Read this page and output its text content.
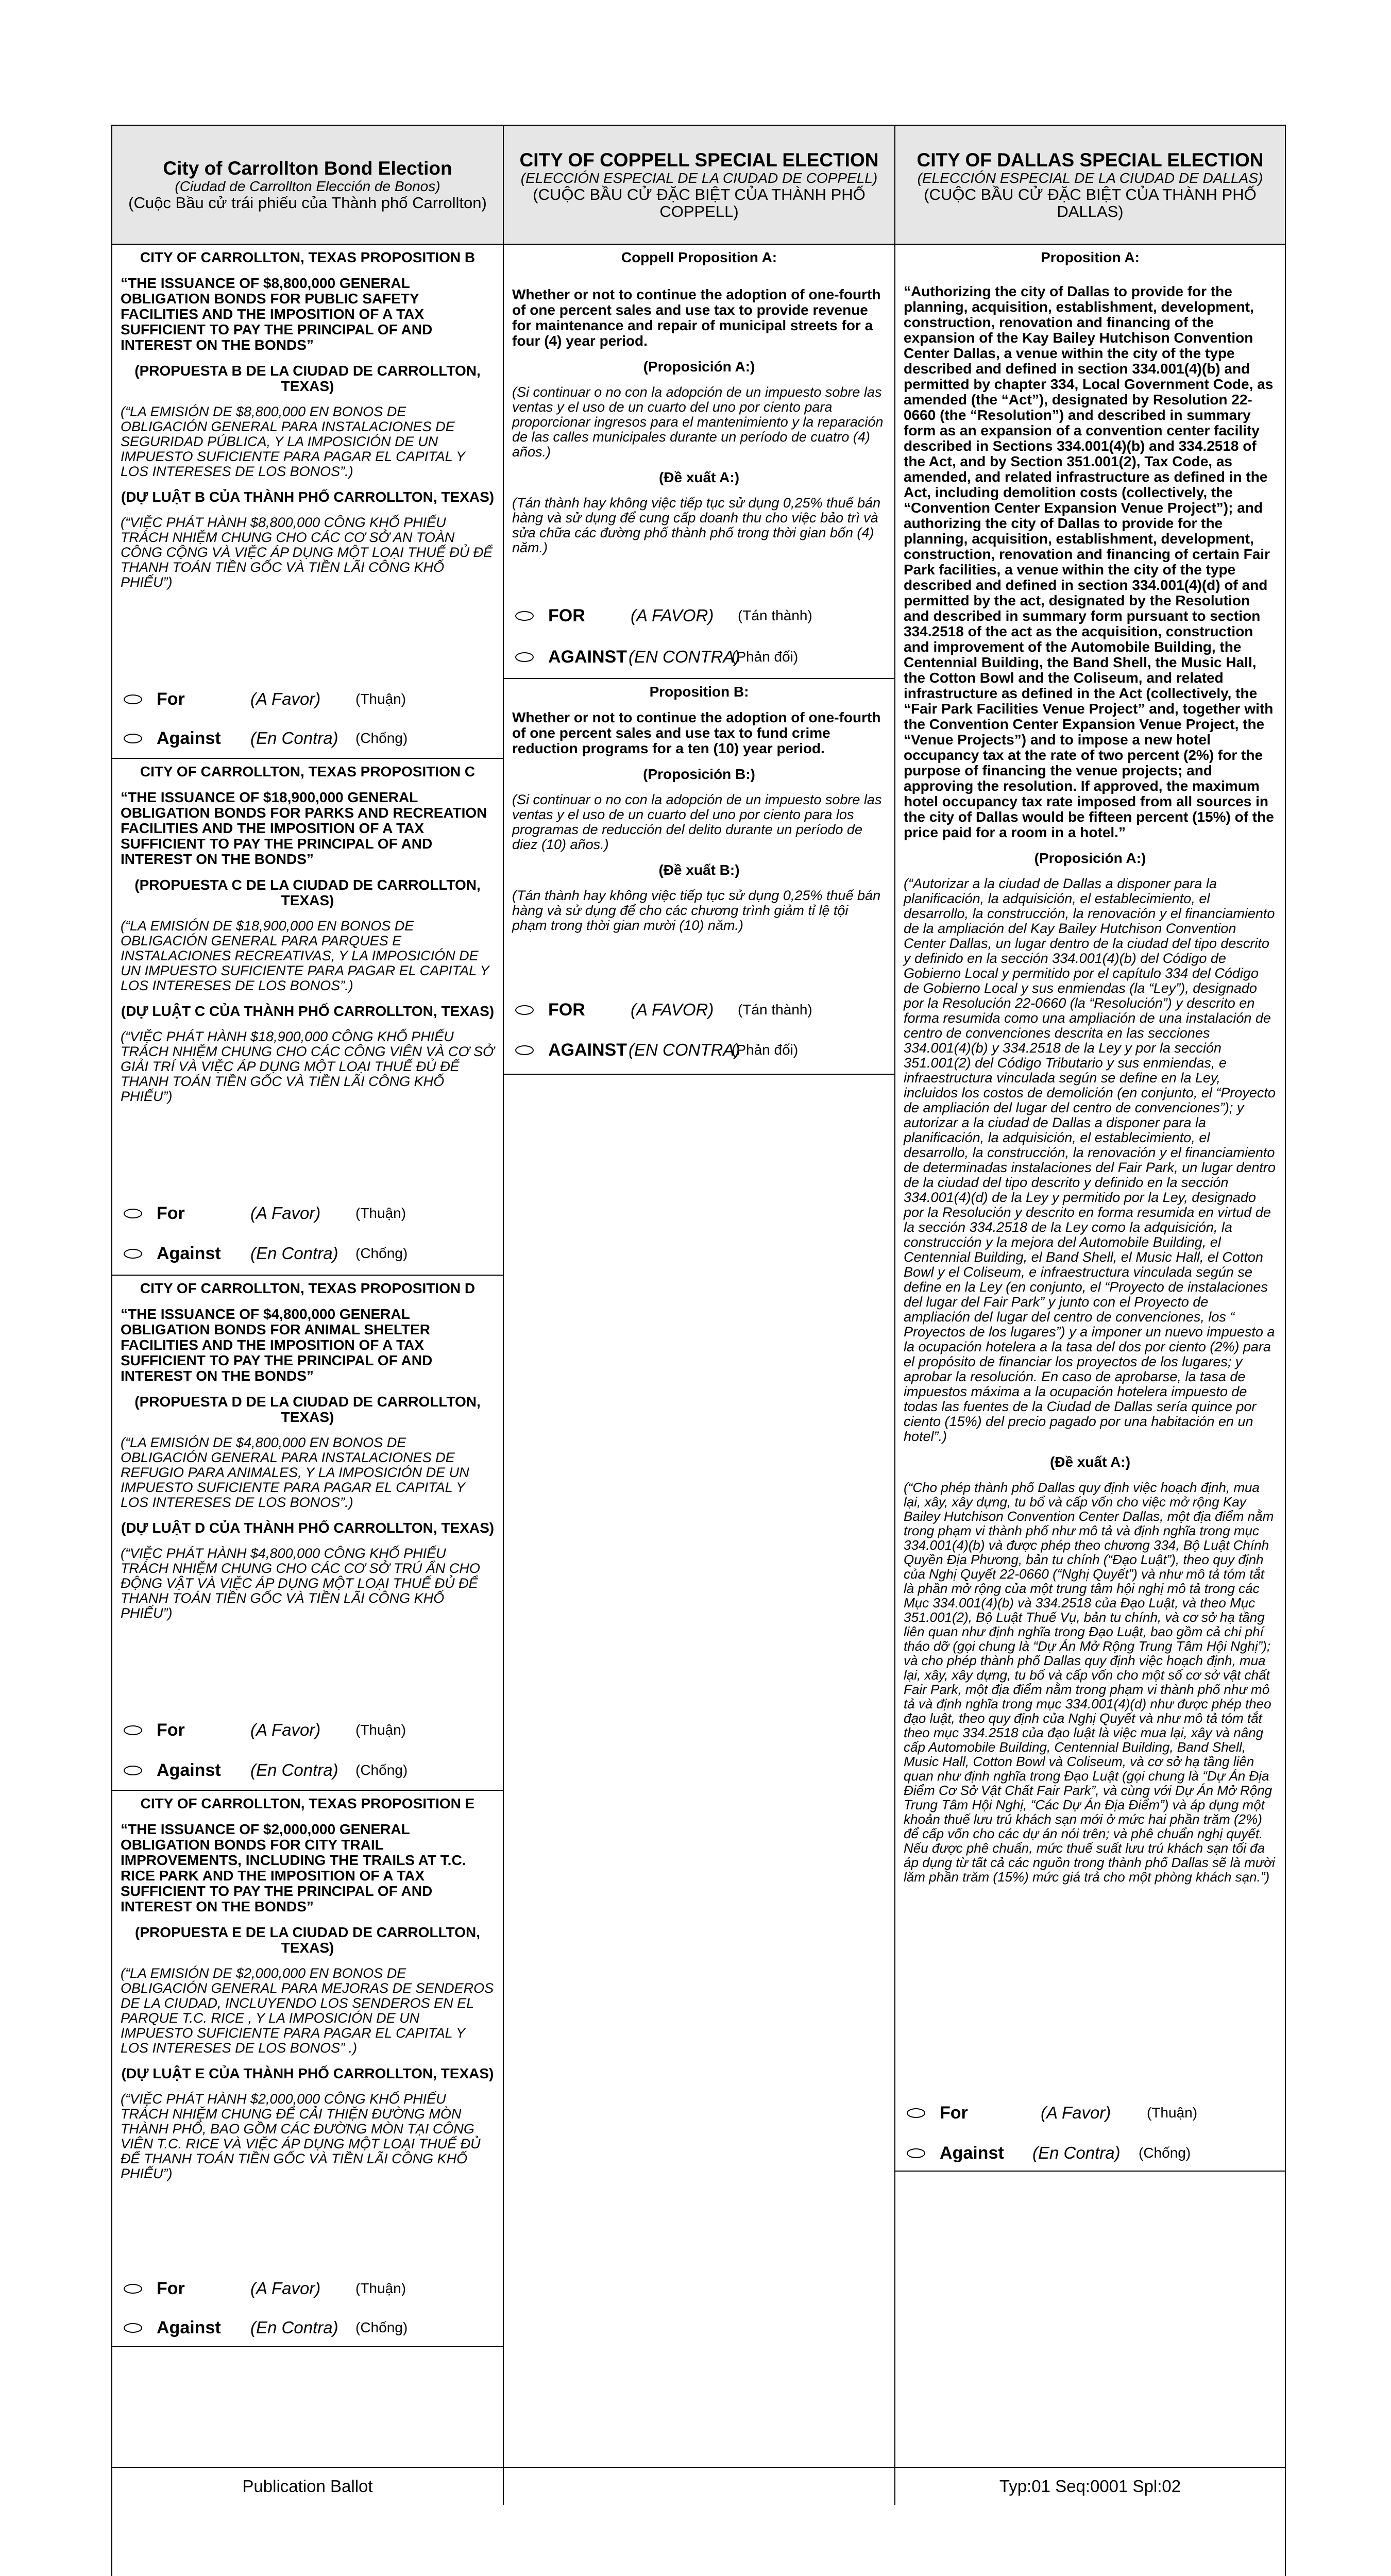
City of Carrollton Bond Election
(Ciudad de Carrollton Elección de Bonos)
(Cuộc Bầu cử trái phiếu của Thành phố Carrollton)
CITY OF COPPELL SPECIAL ELECTION
(ELECCIÓN ESPECIAL DE LA CIUDAD DE COPPELL)
(CUỘC BẦU CỬ ĐẶC BIỆT CỦA THÀNH PHỐ COPPELL)
CITY OF DALLAS SPECIAL ELECTION
(ELECCIÓN ESPECIAL DE LA CIUDAD DE DALLAS)
(CUỘC BẦU CỬ ĐẶC BIỆT CỦA THÀNH PHỐ DALLAS)
CITY OF CARROLLTON, TEXAS PROPOSITION B
“THE ISSUANCE OF $8,800,000 GENERAL OBLIGATION BONDS FOR PUBLIC SAFETY FACILITIES AND THE IMPOSITION OF A TAX SUFFICIENT TO PAY THE PRINCIPAL OF AND INTEREST ON THE BONDS”
(PROPUESTA B DE LA CIUDAD DE CARROLLTON, TEXAS)
(“LA EMISIÓN DE $8,800,000 EN BONOS DE OBLIGACIÓN GENERAL PARA INSTALACIONES DE SEGURIDAD PÚBLICA, Y LA IMPOSICIÓN DE UN IMPUESTO SUFICIENTE PARA PAGAR EL CAPITAL Y LOS INTERESES DE LOS BONOS”.)
(DỰ LUẬT B CỦA THÀNH PHỐ CARROLLTON, TEXAS)
(“VIỆC PHÁT HÀNH $8,800,000 CÔNG KHỐ PHIẾU TRÁCH NHIỆM CHUNG CHO CÁC CƠ SỞ AN TOÀN CÔNG CỘNG VÀ VIỆC ÁP DỤNG MỘT LOẠI THUẾ ĐỦ ĐỂ THANH TOÁN TIỀN GỐC VÀ TIỀN LÃI CÔNG KHỐ PHIẾU”)
For	(A Favor) (Thuận)
Against (En Contra) (Chống)
CITY OF CARROLLTON, TEXAS PROPOSITION C
“THE ISSUANCE OF $18,900,000 GENERAL OBLIGATION BONDS FOR PARKS AND RECREATION FACILITIES AND THE IMPOSITION OF A TAX SUFFICIENT TO PAY THE PRINCIPAL OF AND INTEREST ON THE BONDS”
(PROPUESTA C DE LA CIUDAD DE CARROLLTON, TEXAS)
(“LA EMISIÓN DE $18,900,000 EN BONOS DE OBLIGACIÓN GENERAL PARA PARQUES E INSTALACIONES RECREATIVAS, Y LA IMPOSICIÓN DE UN IMPUESTO SUFICIENTE PARA PAGAR EL CAPITAL Y LOS INTERESES DE LOS BONOS”.)
(DỰ LUẬT C CỦA THÀNH PHỐ CARROLLTON, TEXAS)
(“VIỆC PHÁT HÀNH $18,900,000 CÔNG KHỐ PHIẾU TRÁCH NHIỆM CHUNG CHO CÁC CÔNG VIÊN VÀ CƠ SỞ GIẢI TRÍ VÀ VIỆC ÁP DỤNG MỘT LOẠI THUẾ ĐỦ ĐỂ THANH TOÁN TIỀN GỐC VÀ TIỀN LÃI CÔNG KHỐ PHIẾU”)
For	(A Favor) (Thuận)
Against (En Contra) (Chống)
CITY OF CARROLLTON, TEXAS PROPOSITION D
“THE ISSUANCE OF $4,800,000 GENERAL OBLIGATION BONDS FOR ANIMAL SHELTER FACILITIES AND THE IMPOSITION OF A TAX SUFFICIENT TO PAY THE PRINCIPAL OF AND INTEREST ON THE BONDS”
(PROPUESTA D DE LA CIUDAD DE CARROLLTON, TEXAS)
(“LA EMISIÓN DE $4,800,000 EN BONOS DE OBLIGACIÓN GENERAL PARA INSTALACIONES DE REFUGIO PARA ANIMALES, Y LA IMPOSICIÓN DE UN IMPUESTO SUFICIENTE PARA PAGAR EL CAPITAL Y LOS INTERESES DE LOS BONOS”.)
(DỰ LUẬT D CỦA THÀNH PHỐ CARROLLTON, TEXAS)
(“VIỆC PHÁT HÀNH $4,800,000 CÔNG KHỐ PHIẾU TRÁCH NHIỆM CHUNG CHO CÁC CƠ SỞ TRÚ ẨN CHO ĐỘNG VẬT VÀ VIỆC ÁP DỤNG MỘT LOẠI THUẾ ĐỦ ĐỂ THANH TOÁN TIỀN GỐC VÀ TIỀN LÃI CÔNG KHỐ PHIẾU”)
For	(A Favor) (Thuận)
Against (En Contra) (Chống)
CITY OF CARROLLTON, TEXAS PROPOSITION E
“THE ISSUANCE OF $2,000,000 GENERAL OBLIGATION BONDS FOR CITY TRAIL IMPROVEMENTS, INCLUDING THE TRAILS AT T.C. RICE PARK AND THE IMPOSITION OF A TAX SUFFICIENT TO PAY THE PRINCIPAL OF AND INTEREST ON THE BONDS”
(PROPUESTA E DE LA CIUDAD DE CARROLLTON, TEXAS)
(“LA EMISIÓN DE $2,000,000 EN BONOS DE OBLIGACIÓN GENERAL PARA MEJORAS DE SENDEROS DE LA CIUDAD, INCLUYENDO LOS SENDEROS EN EL PARQUE T.C. RICE , Y LA IMPOSICIÓN DE UN IMPUESTO SUFICIENTE PARA PAGAR EL CAPITAL Y LOS INTERESES DE LOS BONOS” .)
(DỰ LUẬT E CỦA THÀNH PHỐ CARROLLTON, TEXAS)
(“VIỆC PHÁT HÀNH $2,000,000 CÔNG KHỐ PHIẾU TRÁCH NHIỆM CHUNG ĐỂ CẢI THIỆN ĐƯỜNG MÒN THÀNH PHỐ, BAO GỒM CÁC ĐƯỜNG MÒN TẠI CÔNG VIÊN T.C. RICE VÀ VIỆC ÁP DỤNG MỘT LOẠI THUẾ ĐỦ ĐỂ THANH TOÁN TIỀN GỐC VÀ TIỀN LÃI CÔNG KHỐ PHIẾU”)
For	(A Favor) (Thuận)
Against (En Contra) (Chống)
Coppell Proposition A:
Whether or not to continue the adoption of one-fourth of one percent sales and use tax to provide revenue for maintenance and repair of municipal streets for a four (4) year period.
(Proposición A:)
(Si continuar o no con la adopción de un impuesto sobre las ventas y el uso de un cuarto del uno por ciento para proporcionar ingresos para el mantenimiento y la reparación de las calles municipales durante un período de cuatro (4) años.)
(Đề xuất A:)
(Tán thành hay không việc tiếp tục sử dụng 0,25% thuế bán hàng và sử dụng để cung cấp doanh thu cho việc bảo trì và sửa chữa các đường phố thành phố trong thời gian bốn (4) năm.)
FOR	(A FAVOR) (Tán thành)
AGAINST (EN CONTRA)
(Phản đối)
Proposition B:
Whether or not to continue the adoption of one-fourth of one percent sales and use tax to fund crime reduction programs for a ten (10) year period.
(Proposición B:)
(Si continuar o no con la adopción de un impuesto sobre las ventas y el uso de un cuarto del uno por ciento para los programas de reducción del delito durante un período de diez (10) años.)
(Đề xuất B:)
(Tán thành hay không việc tiếp tục sử dụng 0,25% thuế bán hàng và sử dụng để cho các chương trình giảm tỉ lệ tội phạm trong thời gian mười (10) năm.)
FOR	(A FAVOR) (Tán thành)
AGAINST (EN CONTRA)
(Phản đối)
Proposition A:
“Authorizing the city of Dallas to provide for the planning, acquisition, establishment, development, construction, renovation and financing of the expansion of the Kay Bailey Hutchison Convention Center Dallas, a venue within the city of the type described and defined in section 334.001(4)(b) and permitted by chapter 334, Local Government Code, as amended (the “Act”), designated by Resolution 22-0660 (the “Resolution”) and described in summary form as an expansion of a convention center facility described in Sections 334.001(4)(b) and 334.2518 of the Act, and by Section 351.001(2), Tax Code, as amended, and related infrastructure as defined in the Act, including demolition costs (collectively, the “Convention Center Expansion Venue Project”); and authorizing the city of Dallas to provide for the planning, acquisition, establishment, development, construction, renovation and financing of certain Fair Park facilities, a venue within the city of the type described and defined in section 334.001(4)(d) of and permitted by the act, designated by the Resolution and described in summary form pursuant to section 334.2518 of the act as the acquisition, construction and improvement of the Automobile Building, the Centennial Building, the Band Shell, the Music Hall, the Cotton Bowl and the Coliseum, and related infrastructure as defined in the Act (collectively, the “Fair Park Facilities Venue Project” and, together with the Convention Center Expansion Venue Project, the “Venue Projects”) and to impose a new hotel occupancy tax at the rate of two percent (2%) for the purpose of financing the venue projects; and approving the resolution. If approved, the maximum hotel occupancy tax rate imposed from all sources in the city of Dallas would be fifteen percent (15%) of the price paid for a room in a hotel.”
(Proposición A:)
(“Autorizar a la ciudad de Dallas a disponer para la planificación, la adquisición, el establecimiento, el desarrollo, la construcción, la renovación y el financiamiento de la ampliación del Kay Bailey Hutchison Convention Center Dallas, un lugar dentro de la ciudad del tipo descrito y definido en la sección 334.001(4)(b) del Código de Gobierno Local y permitido por el capítulo 334 del Código de Gobierno Local y sus enmiendas (la “Ley”), designado por la Resolución 22-0660 (la “Resolución”) y descrito en forma resumida como una ampliación de una instalación de centro de convenciones descrita en las secciones 334.001(4)(b) y 334.2518 de la Ley y por la sección 351.001(2) del Código Tributario y sus enmiendas, e infraestructura vinculada según se define en la Ley, incluidos los costos de demolición (en conjunto, el “Proyecto de ampliación del lugar del centro de convenciones”); y autorizar a la ciudad de Dallas a disponer para la planificación, la adquisición, el establecimiento, el desarrollo, la construcción, la renovación y el financiamiento de determinadas instalaciones del Fair Park, un lugar dentro de la ciudad del tipo descrito y definido en la sección 334.001(4)(d) de la Ley y permitido por la Ley, designado por la Resolución y descrito en forma resumida en virtud de la sección 334.2518 de la Ley como la adquisición, la construcción y la mejora del Automobile Building, el Centennial Building, el Band Shell, el Music Hall, el Cotton Bowl y el Coliseum, e infraestructura vinculada según se define en la Ley (en conjunto, el “Proyecto de instalaciones del lugar del Fair Park” y junto con el Proyecto de ampliación del lugar del centro de convenciones, los “ Proyectos de los lugares”) y a imponer un nuevo impuesto a la ocupación hotelera a la tasa del dos por ciento (2%) para el propósito de financiar los proyectos de los lugares; y aprobar la resolución. En caso de aprobarse, la tasa de impuestos máxima a la ocupación hotelera impuesto de todas las fuentes de la Ciudad de Dallas sería quince por ciento (15%) del precio pagado por una habitación en un hotel”.)
(Đề xuất A:)
(“Cho phép thành phố Dallas quy định việc hoạch định, mua lại, xây, xây dựng, tu bổ và cấp vốn cho việc mở rộng Kay Bailey Hutchison Convention Center Dallas, một địa điểm nằm trong phạm vi thành phố như mô tả và định nghĩa trong mục 334.001(4)(b) và được phép theo chương 334, Bộ Luật Chính Quyền Địa Phương, bản tu chính (“Đạo Luật”), theo quy định của Nghị Quyết 22-0660 (“Nghị Quyết”) và như mô tả tóm tắt là phần mở rộng của một trung tâm hội nghị mô tả trong các Mục 334.001(4)(b) và 334.2518 của Đạo Luật, và theo Mục 351.001(2), Bộ Luật Thuế Vụ, bản tu chính, và cơ sở hạ tầng liên quan như định nghĩa trong Đạo Luật, bao gồm cả chi phí tháo dỡ (gọi chung là “Dự Án Mở Rộng Trung Tâm Hội Nghị”); và cho phép thành phố Dallas quy định việc hoạch định, mua lại, xây, xây dựng, tu bổ và cấp vốn cho một số cơ sở vật chất Fair Park, một địa điểm nằm trong phạm vi thành phố như mô tả và định nghĩa trong mục 334.001(4)(d) như được phép theo đạo luật, theo quy định của Nghị Quyết và như mô tả tóm tắt theo mục 334.2518 của đạo luật là việc mua lại, xây và nâng cấp Automobile Building, Centennial Building, Band Shell, Music Hall, Cotton Bowl và Coliseum, và cơ sở hạ tầng liên quan như định nghĩa trong Đạo Luật (gọi chung là “Dự Án Địa Điểm Cơ Sở Vật Chất Fair Park”, và cùng với Dự Án Mở Rộng Trung Tâm Hội Nghị, “Các Dự Án Địa Điểm”) và áp dụng một khoản thuế lưu trú khách sạn mới ở mức hai phần trăm (2%) để cấp vốn cho các dự án nói trên; và phê chuẩn nghị quyết. Nếu được phê chuẩn, mức thuế suất lưu trú khách sạn tối đa áp dụng từ tất cả các nguồn trong thành phố Dallas sẽ là mười lăm phần trăm (15%) mức giá trả cho một phòng khách sạn.”)
For	(A Favor) (Thuận)
Against (En Contra) (Chống)
Publication Ballot	Typ:01 Seq:0001 Spl:02
